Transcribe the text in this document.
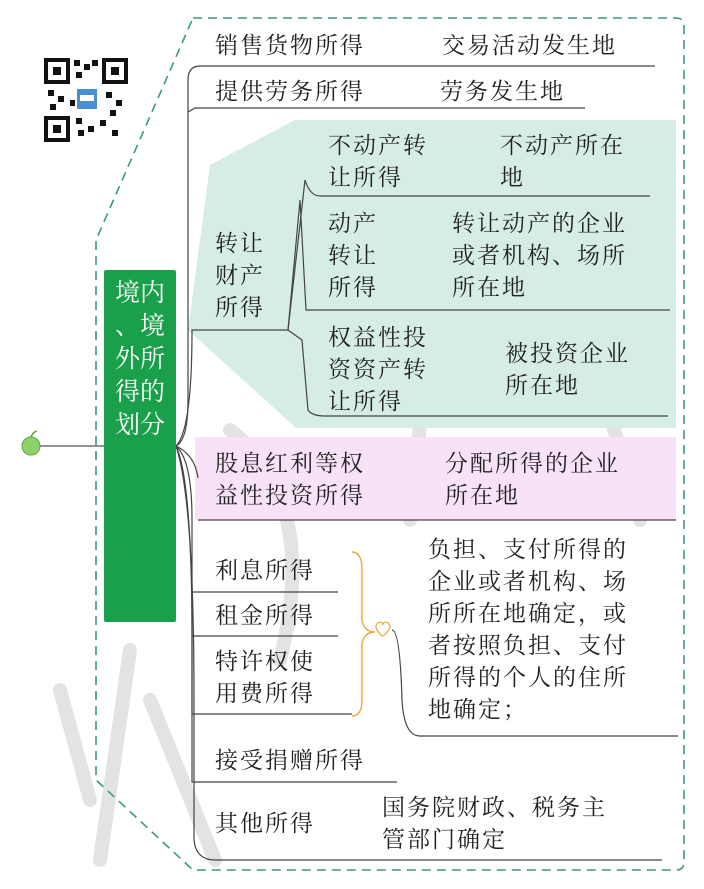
境内
、境
外所
得的
划分
销售货物所得	交易活动发生地
提供劳务所得	劳务发生地
转让
财产
所得
不动产转
让所得
不动产所在
地
动产
转让
所得
转让动产的企业
或者机构、场所
所在地
权益性投
资资产转
让所得
被投资企业
所在地
股息红利等权
益性投资所得
分配所得的企业
所在地
利息所得
租金所得
特许权使
用费所得
负担、支付所得的
企业或者机构、场
所所在地确定，或
者按照负担、支付
所得的个人的住所
地确定；
接受捐赠所得
其他所得
国务院财政、税务主
管部门确定
